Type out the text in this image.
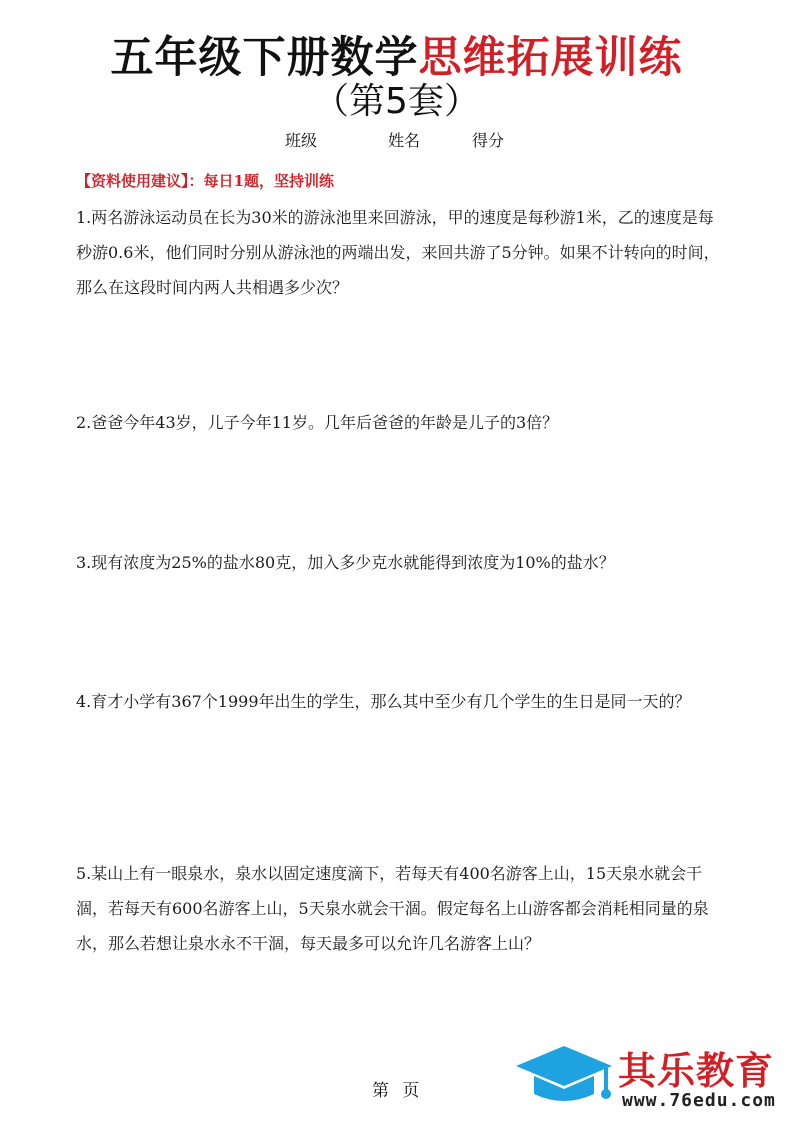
五年级下册数学思维拓展训练
（第5套）
班级	姓名	得分
【资料使用建议】：每日1题，坚持训练
1.两名游泳运动员在长为30米的游泳池里来回游泳，甲的速度是每秒游1米，乙的速度是每秒游0.6米，他们同时分别从游泳池的两端出发，来回共游了5分钟。如果不计转向的时间，那么在这段时间内两人共相遇多少次？
2.爸爸今年43岁，儿子今年11岁。几年后爸爸的年龄是儿子的3倍？
3.现有浓度为25%的盐水80克，加入多少克水就能得到浓度为10%的盐水？
4.育才小学有367个1999年出生的学生，那么其中至少有几个学生的生日是同一天的？
5.某山上有一眼泉水，泉水以固定速度滴下，若每天有400名游客上山，15天泉水就会干涸，若每天有600名游客上山，5天泉水就会干涸。假定每名上山游客都会消耗相同量的泉水，那么若想让泉水永不干涸，每天最多可以允许几名游客上山？
第 页	其乐教育
www.76edu.com
